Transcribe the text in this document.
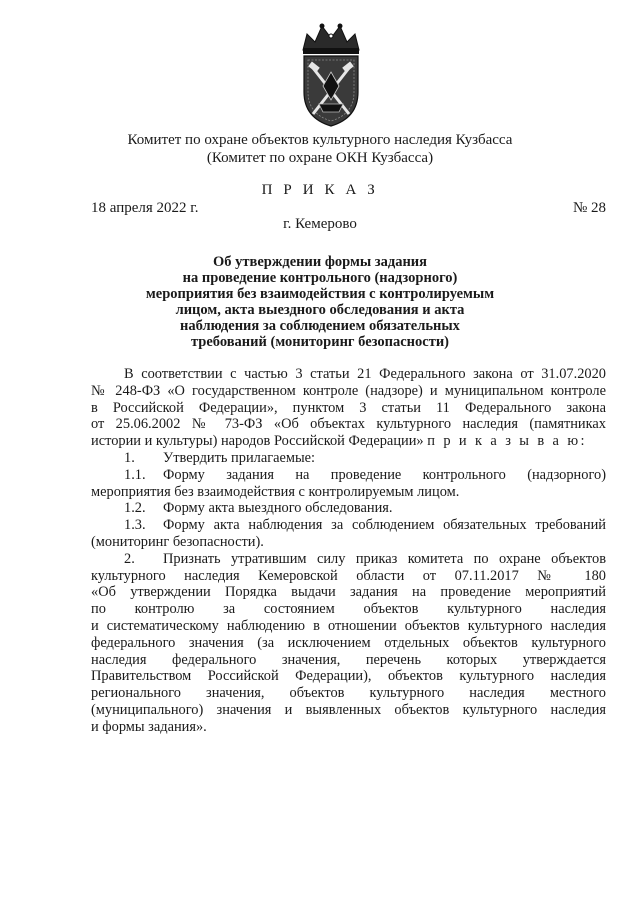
Комитет по охране объектов культурного наследия Кузбасса
(Комитет по охране ОКН Кузбасса)
П Р И К А З
18 апреля 2022 г.	№ 28
г. Кемерово
Об утверждении формы задания
на проведение контрольного (надзорного)
мероприятия без взаимодействия с контролируемым
лицом, акта выездного обследования и акта
наблюдения за соблюдением обязательных
требований (мониторинг безопасности)

В соответствии с частью 3 статьи 21 Федерального закона от 31.07.2020

№ 248-ФЗ «О государственном контроле (надзоре) и муниципальном контроле

в Российской Федерации», пунктом 3 статьи 11 Федерального закона

от 25.06.2002 № 73-ФЗ «Об объектах культурного наследия (памятниках

истории и культуры) народов Российской Федерации» п р и к а з ы в а ю:

1. Утвердить прилагаемые:

1.1. Форму задания на проведение контрольного (надзорного)

мероприятия без взаимодействия с контролируемым лицом.

1.2. Форму акта выездного обследования.

1.3. Форму акта наблюдения за соблюдением обязательных требований

(мониторинг безопасности).

2. Признать утратившим силу приказ комитета по охране объектов

культурного наследия Кемеровской области от 07.11.2017 № 180

«Об утверждении Порядка выдачи задания на проведение мероприятий

по контролю за состоянием объектов культурного наследия

и систематическому наблюдению в отношении объектов культурного наследия

федерального значения (за исключением отдельных объектов культурного

наследия федерального значения, перечень которых утверждается

Правительством Российской Федерации), объектов культурного наследия

регионального значения, объектов культурного наследия местного

(муниципального) значения и выявленных объектов культурного наследия

и формы задания».
